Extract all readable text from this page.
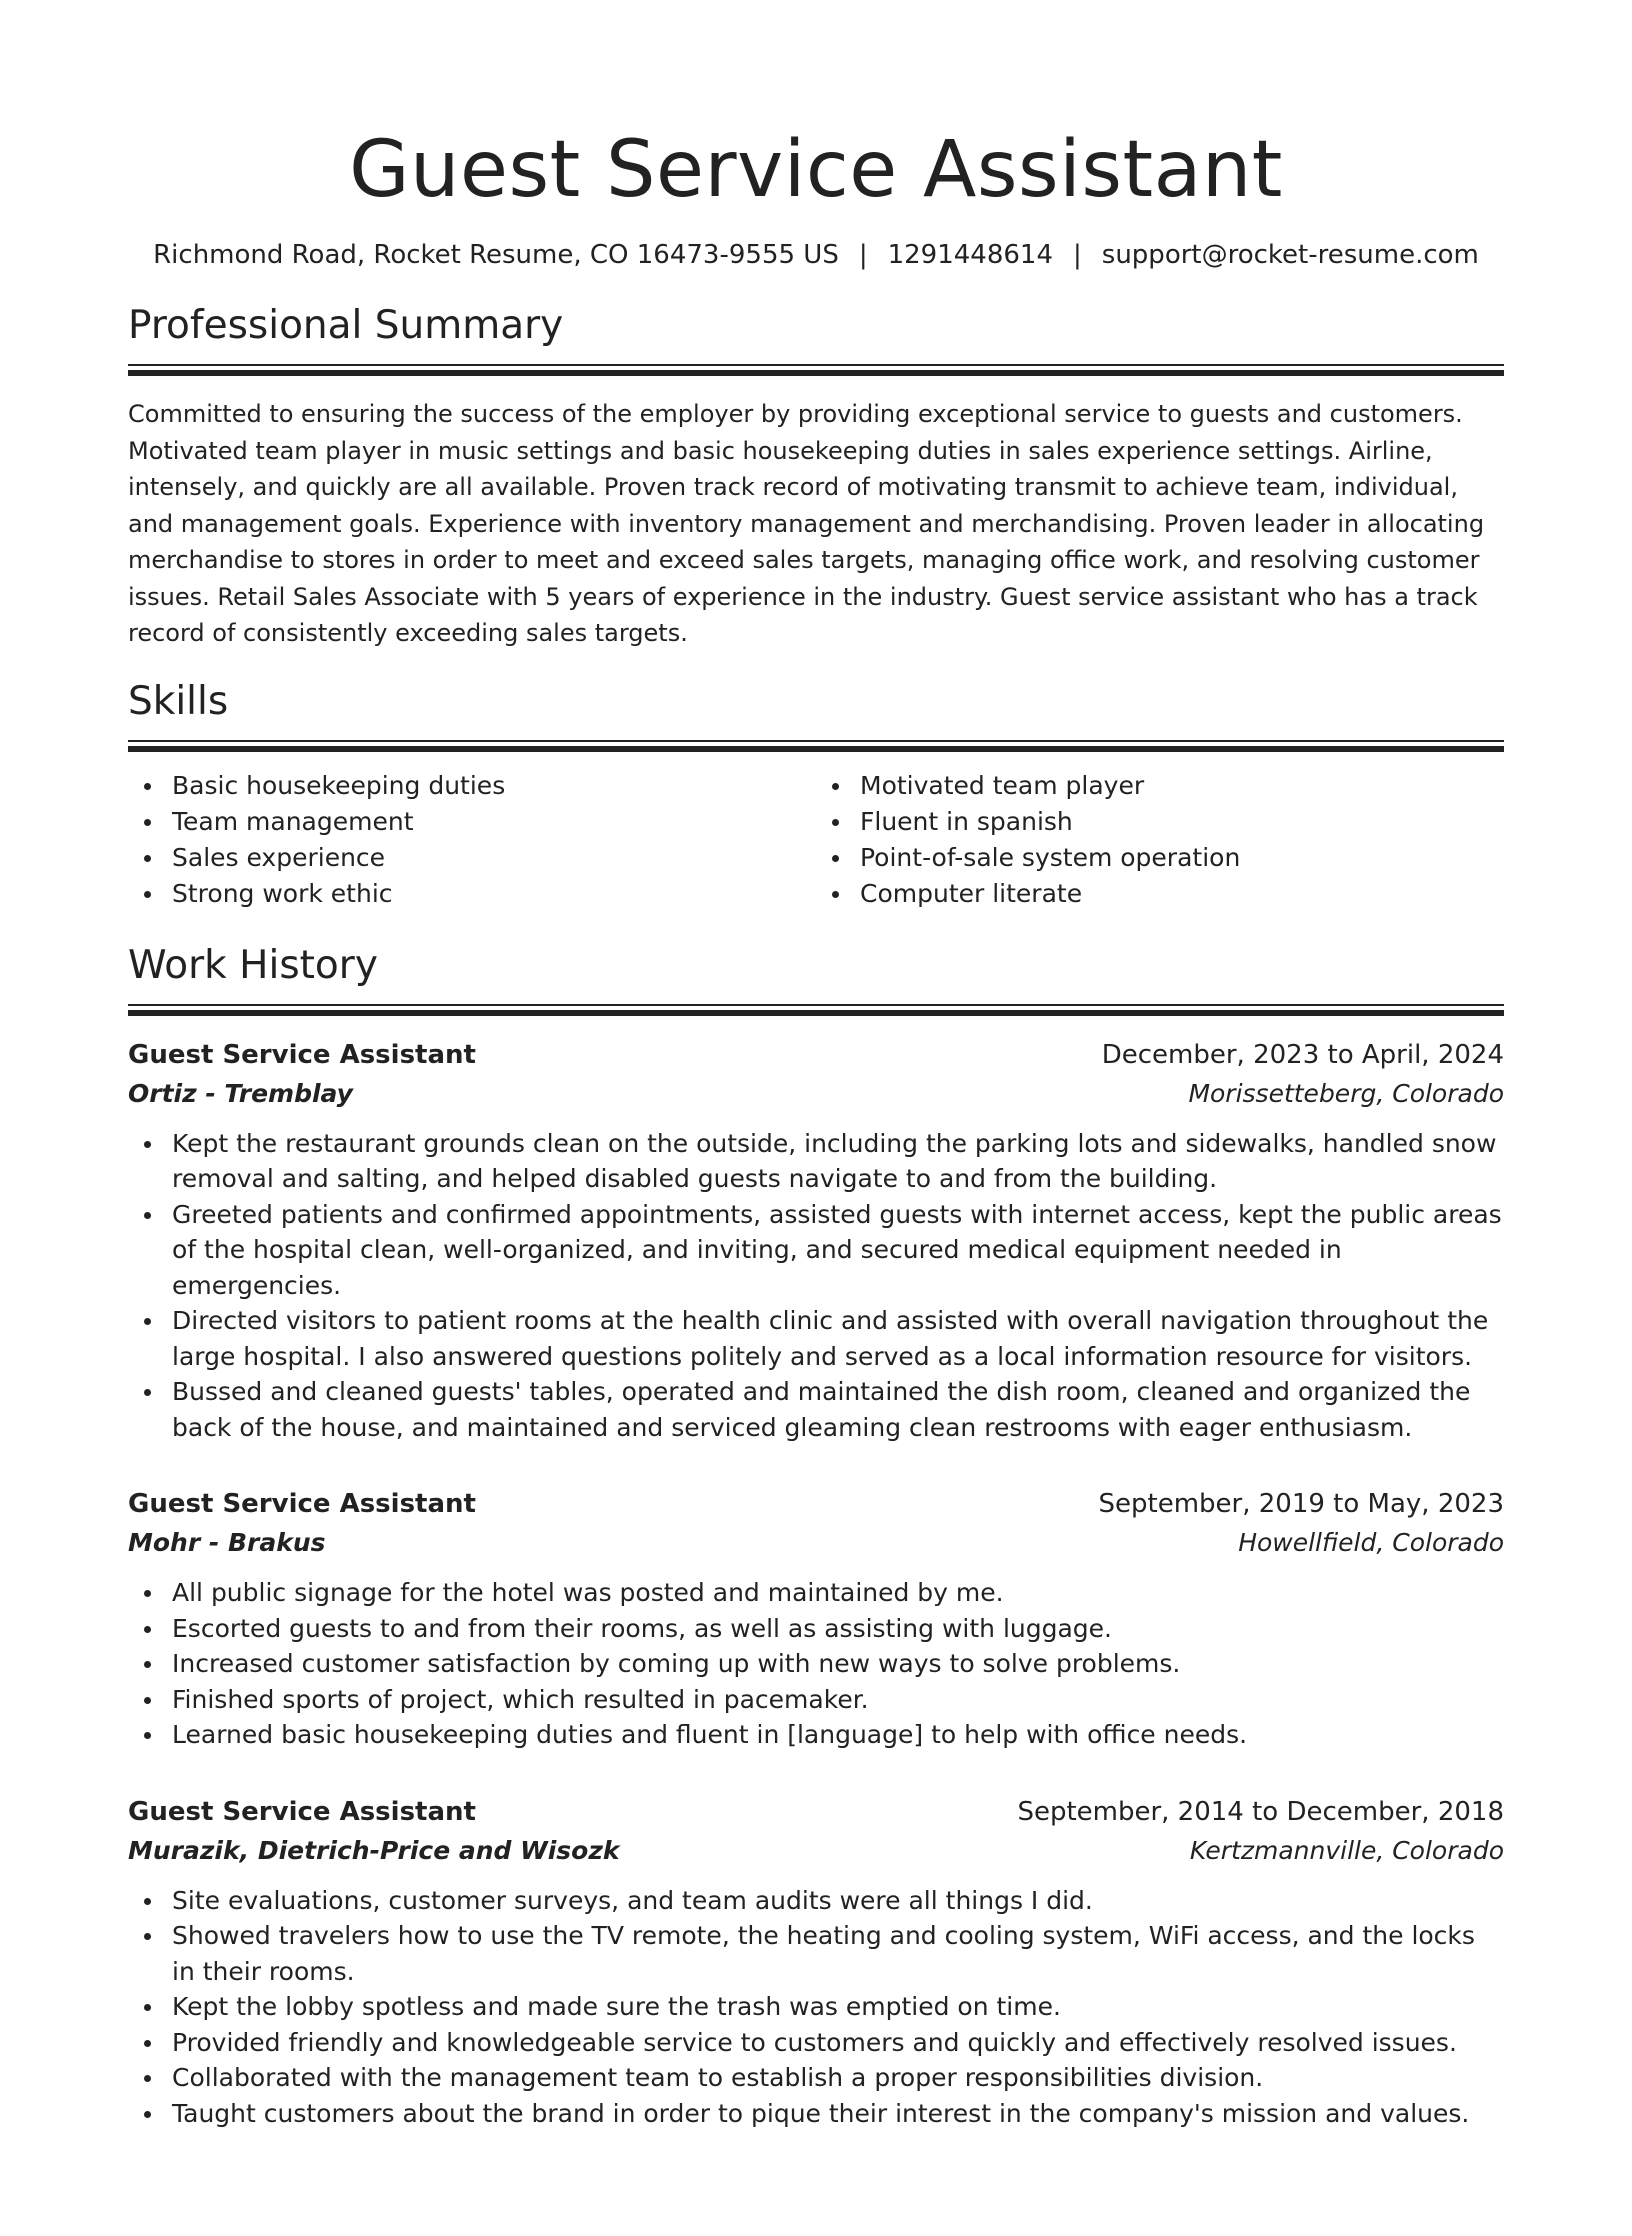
Guest Service Assistant
Richmond Road, Rocket Resume, CO 16473-9555 US | 1291448614 | support@rocket-resume.com
Professional Summary

Committed to ensuring the success of the employer by providing exceptional service to guests and customers. Motivated team player in music settings and basic housekeeping duties in sales experience settings. Airline, intensely, and quickly are all available. Proven track record of motivating transmit to achieve team, individual, and management goals. Experience with inventory management and merchandising. Proven leader in allocating merchandise to stores in order to meet and exceed sales targets, managing office work, and resolving customer issues. Retail Sales Associate with 5 years of experience in the industry. Guest service assistant who has a track record of consistently exceeding sales targets.

Skills
Basic housekeeping duties
Team management
Sales experience
Strong work ethic
Motivated team player
Fluent in spanish
Point-of-sale system operation
Computer literate
Work History
Guest Service Assistant	December, 2023 to April, 2024
Ortiz - Tremblay	Morissetteberg, Colorado
Kept the restaurant grounds clean on the outside, including the parking lots and sidewalks, handled snow removal and salting, and helped disabled guests navigate to and from the building.
Greeted patients and confirmed appointments, assisted guests with internet access, kept the public areas of the hospital clean, well-organized, and inviting, and secured medical equipment needed in emergencies.
Directed visitors to patient rooms at the health clinic and assisted with overall navigation throughout the large hospital. I also answered questions politely and served as a local information resource for visitors.
Bussed and cleaned guests' tables, operated and maintained the dish room, cleaned and organized the back of the house, and maintained and serviced gleaming clean restrooms with eager enthusiasm.
Guest Service Assistant	September, 2019 to May, 2023
Mohr - Brakus	Howellfield, Colorado
All public signage for the hotel was posted and maintained by me.
Escorted guests to and from their rooms, as well as assisting with luggage.
Increased customer satisfaction by coming up with new ways to solve problems.
Finished sports of project, which resulted in pacemaker.
Learned basic housekeeping duties and fluent in [language] to help with office needs.
Guest Service Assistant	September, 2014 to December, 2018
Murazik, Dietrich-Price and Wisozk	Kertzmannville, Colorado
Site evaluations, customer surveys, and team audits were all things I did.
Showed travelers how to use the TV remote, the heating and cooling system, WiFi access, and the locks in their rooms.
Kept the lobby spotless and made sure the trash was emptied on time.
Provided friendly and knowledgeable service to customers and quickly and effectively resolved issues.
Collaborated with the management team to establish a proper responsibilities division.
Taught customers about the brand in order to pique their interest in the company's mission and values.
